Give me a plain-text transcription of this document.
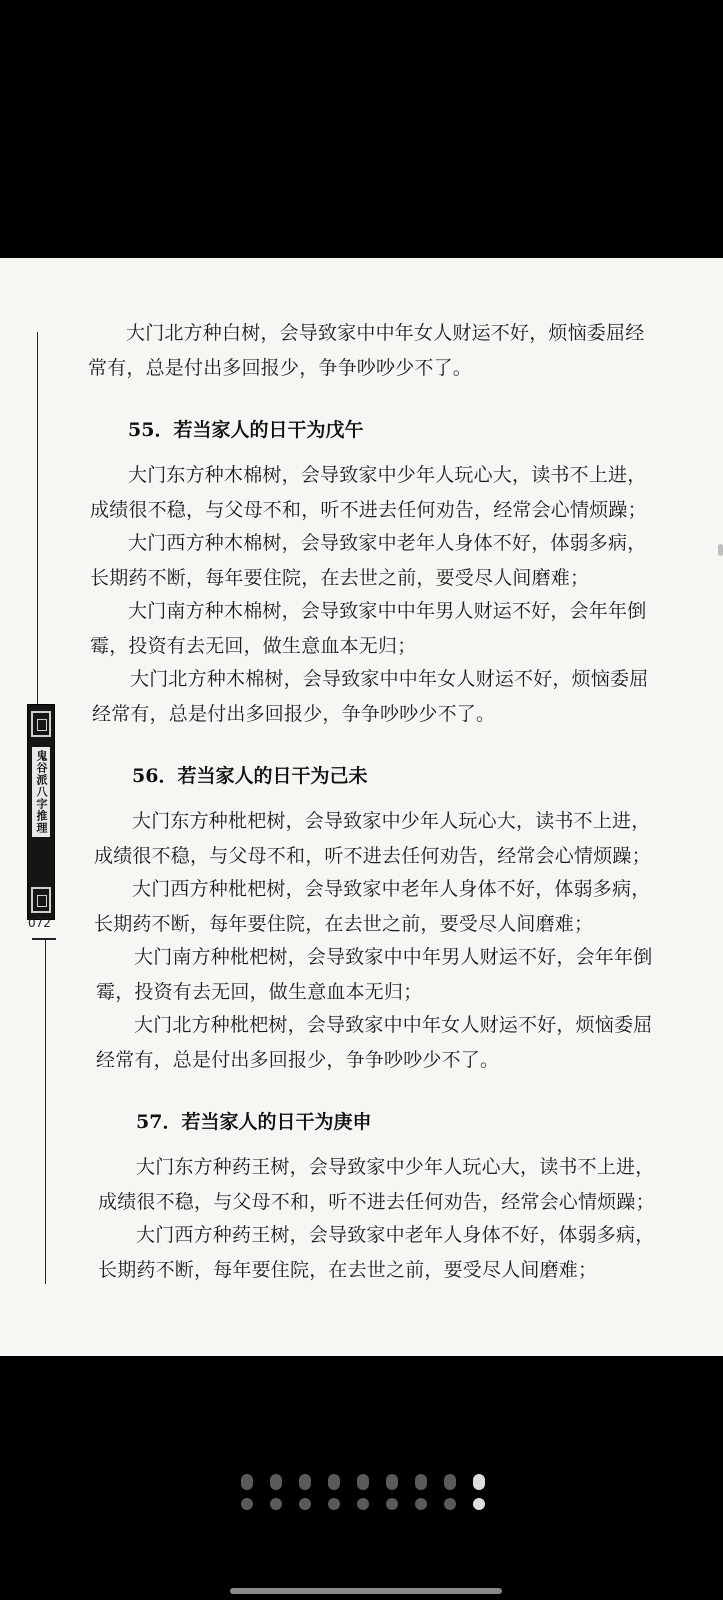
鬼谷派八字推理
072

大门北方种白树，会导致家中中年女人财运不好，烦恼委屈经常有，总是付出多回报少，争争吵吵少不了。

55．若当家人的日干为戊午

大门东方种木棉树，会导致家中少年人玩心大，读书不上进，成绩很不稳，与父母不和，听不进去任何劝告，经常会心情烦躁；

大门西方种木棉树，会导致家中老年人身体不好，体弱多病，长期药不断，每年要住院，在去世之前，要受尽人间磨难；

大门南方种木棉树，会导致家中中年男人财运不好，会年年倒霉，投资有去无回，做生意血本无归；

大门北方种木棉树，会导致家中中年女人财运不好，烦恼委屈经常有，总是付出多回报少，争争吵吵少不了。

56．若当家人的日干为己未

大门东方种枇杷树，会导致家中少年人玩心大，读书不上进，成绩很不稳，与父母不和，听不进去任何劝告，经常会心情烦躁；

大门西方种枇杷树，会导致家中老年人身体不好，体弱多病，长期药不断，每年要住院，在去世之前，要受尽人间磨难；

大门南方种枇杷树，会导致家中中年男人财运不好，会年年倒霉，投资有去无回，做生意血本无归；

大门北方种枇杷树，会导致家中中年女人财运不好，烦恼委屈经常有，总是付出多回报少，争争吵吵少不了。

57．若当家人的日干为庚申

大门东方种药王树，会导致家中少年人玩心大，读书不上进，成绩很不稳，与父母不和，听不进去任何劝告，经常会心情烦躁；

大门西方种药王树，会导致家中老年人身体不好，体弱多病，长期药不断，每年要住院，在去世之前，要受尽人间磨难；
